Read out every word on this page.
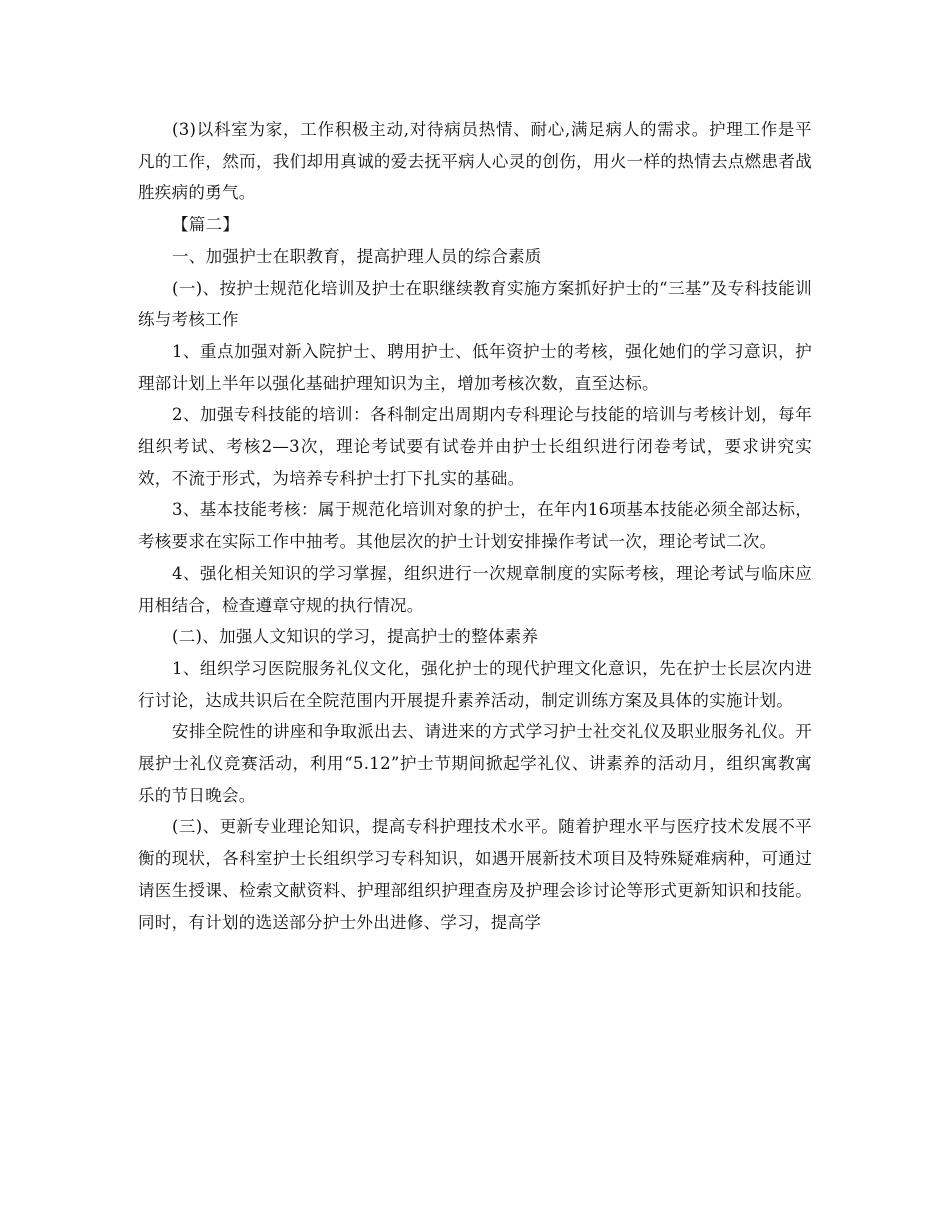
(3)以科室为家，工作积极主动,对待病员热情、耐心,满足病人的需求。护理工作是平凡的工作，然而，我们却用真诚的爱去抚平病人心灵的创伤，用火一样的热情去点燃患者战胜疾病的勇气。

【篇二】

一、加强护士在职教育，提高护理人员的综合素质

(一)、按护士规范化培训及护士在职继续教育实施方案抓好护士的“三基”及专科技能训练与考核工作

1、重点加强对新入院护士、聘用护士、低年资护士的考核，强化她们的学习意识，护理部计划上半年以强化基础护理知识为主，增加考核次数，直至达标。

2、加强专科技能的培训：各科制定出周期内专科理论与技能的培训与考核计划，每年组织考试、考核2—3次，理论考试要有试卷并由护士长组织进行闭卷考试，要求讲究实效，不流于形式，为培养专科护士打下扎实的基础。

3、基本技能考核：属于规范化培训对象的护士，在年内16项基本技能必须全部达标，考核要求在实际工作中抽考。其他层次的护士计划安排操作考试一次，理论考试二次。

4、强化相关知识的学习掌握，组织进行一次规章制度的实际考核，理论考试与临床应用相结合，检查遵章守规的执行情况。

(二)、加强人文知识的学习，提高护士的整体素养

1、组织学习医院服务礼仪文化，强化护士的现代护理文化意识，先在护士长层次内进行讨论，达成共识后在全院范围内开展提升素养活动，制定训练方案及具体的实施计划。

安排全院性的讲座和争取派出去、请进来的方式学习护士社交礼仪及职业服务礼仪。开展护士礼仪竞赛活动，利用“5.12”护士节期间掀起学礼仪、讲素养的活动月，组织寓教寓乐的节日晚会。

(三)、更新专业理论知识，提高专科护理技术水平。随着护理水平与医疗技术发展不平衡的现状，各科室护士长组织学习专科知识，如遇开展新技术项目及特殊疑难病种，可通过请医生授课、检索文献资料、护理部组织护理查房及护理会诊讨论等形式更新知识和技能。同时，有计划的选送部分护士外出进修、学习，提高学
